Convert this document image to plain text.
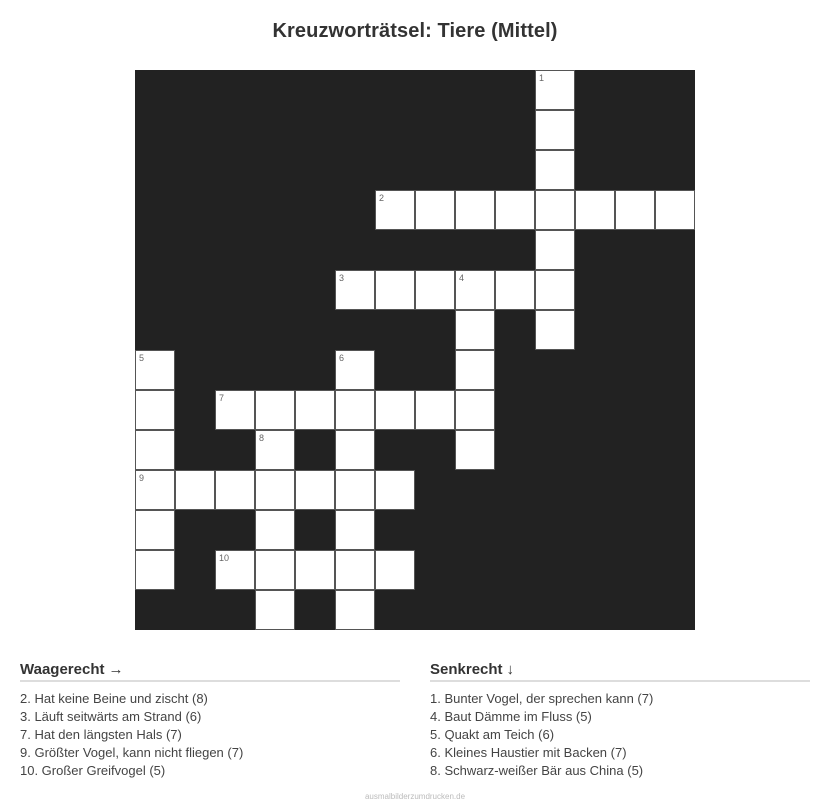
Kreuzworträtsel: Tiere (Mittel)
1
2
3	4
5
9
6
7
8
10
Waagerecht →
2. Hat keine Beine und zischt (8)
3. Läuft seitwärts am Strand (6)
7. Hat den längsten Hals (7)
9. Größter Vogel, kann nicht fliegen (7)
10. Großer Greifvogel (5)
Senkrecht ↓
1. Bunter Vogel, der sprechen kann (7)
4. Baut Dämme im Fluss (5)
5. Quakt am Teich (6)
6. Kleines Haustier mit Backen (7)
8. Schwarz-weißer Bär aus China (5)
ausmalbilderzumdrucken.de
